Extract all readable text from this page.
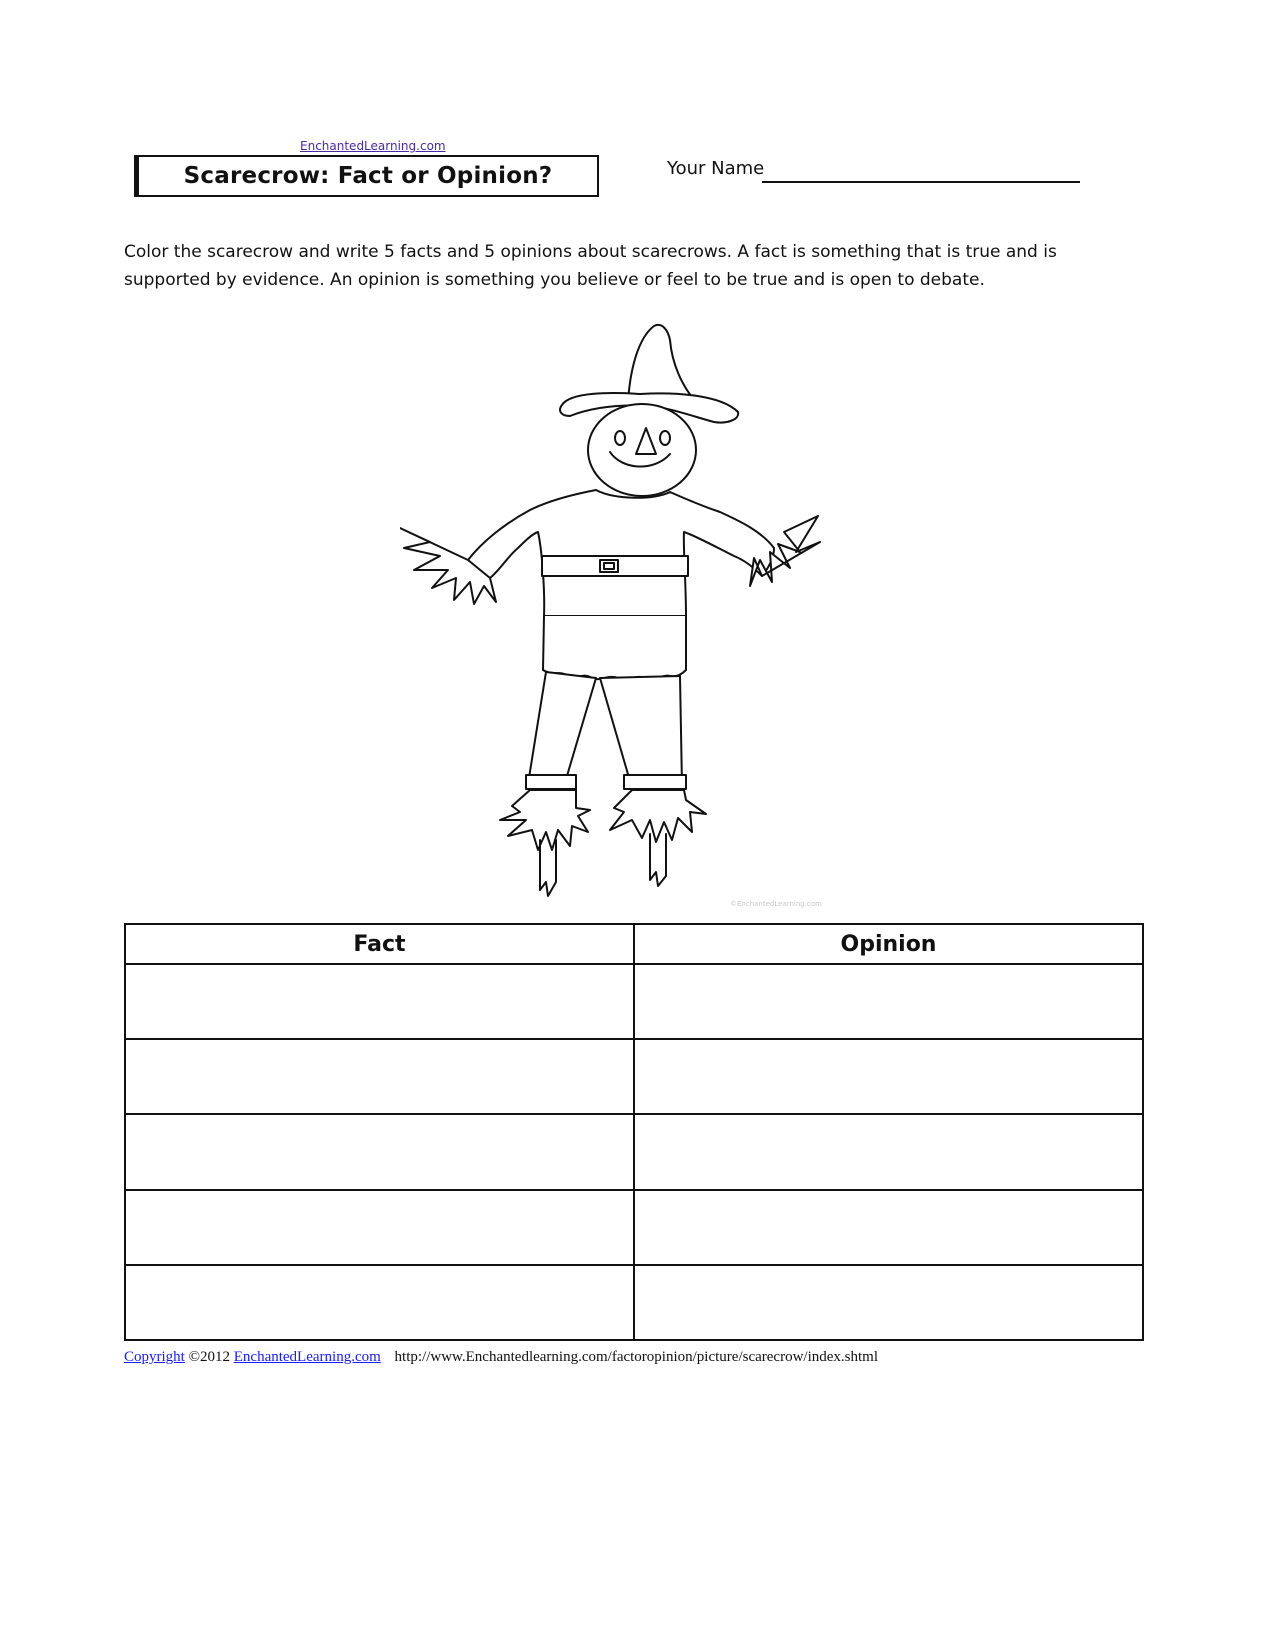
EnchantedLearning.com
Scarecrow: Fact or Opinion?	Your Name

Color the scarecrow and write 5 facts and 5 opinions about scarecrows. A fact is something that is true and is supported by evidence. An opinion is something you believe or feel to be true and is open to debate.

©EnchantedLearning.com
Fact	Opinion

Copyright ©2012 EnchantedLearning.com http://www.Enchantedlearning.com/factoropinion/picture/scarecrow/index.shtml
